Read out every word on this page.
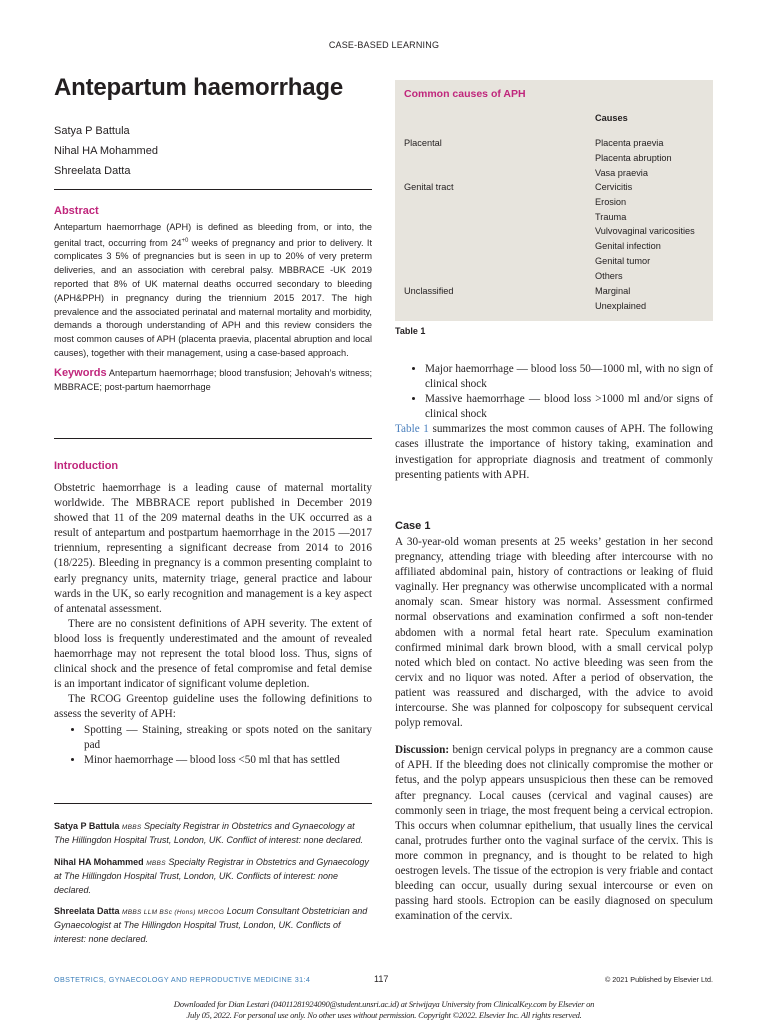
CASE-BASED LEARNING
Antepartum haemorrhage
Satya P Battula
Nihal HA Mohammed
Shreelata Datta
Abstract

Antepartum haemorrhage (APH) is defined as bleeding from, or into, the genital tract, occurring from $24^{+0}$ weeks of pregnancy and prior to delivery. It complicates 3 5% of pregnancies but is seen in up to 20% of very preterm deliveries, and an association with cerebral palsy. MBBRACE -UK 2019 reported that 8% of UK maternal deaths occurred secondary to bleeding (APH&PPH) in pregnancy during the triennium 2015 2017. The high prevalence and the associated perinatal and maternal mortality and morbidity, demands a thorough understanding of APH and this review considers the most common causes of APH (placenta praevia, placental abruption and local causes), together with their management, using a case-based approach.

Keywords Antepartum haemorrhage; blood transfusion; Jehovah’s witness; MBBRACE; post-partum haemorrhage

Introduction

Obstetric haemorrhage is a leading cause of maternal mortality worldwide. The MBBRACE report published in December 2019 showed that 11 of the 209 maternal deaths in the UK occurred as a result of antepartum and postpartum haemorrhage in the 2015 —2017 triennium, representing a significant decrease from 2014 to 2016 (18/225). Bleeding in pregnancy is a common presenting complaint to early pregnancy units, maternity triage, general practice and labour wards in the UK, so early recognition and management is a key aspect of antenatal assessment.

There are no consistent definitions of APH severity. The extent of blood loss is frequently underestimated and the amount of revealed haemorrhage may not represent the total blood loss. Thus, signs of clinical shock and the presence of fetal compromise and fetal demise is an important indicator of significant volume depletion.

The RCOG Greentop guideline uses the following definitions to assess the severity of APH:

• Spotting — Staining, streaking or spots noted on the sanitary pad
• Minor haemorrhage — blood loss <50 ml that has settled

Satya P Battula MBBS Specialty Registrar in Obstetrics and Gynaecology at The Hillingdon Hospital Trust, London, UK. Conflict of interest: none declared.

Nihal HA Mohammed MBBS Specialty Registrar in Obstetrics and Gynaecology at The Hillingdon Hospital Trust, London, UK. Conflicts of interest: none declared.

Shreelata Datta MBBS LLM BSc (Hons) MRCOG Locum Consultant Obstetrician and Gynaecologist at The Hillingdon Hospital Trust, London, UK. Conflicts of interest: none declared.

Common causes of APH
Causes
Placental	Placenta praevia
Placenta abruption
Vasa praevia
Genital tract	Cervicitis
Erosion
Trauma
Vulvovaginal varicosities
Genital infection
Genital tumor
Others
Unclassified	Marginal
Unexplained
Table 1
• Major haemorrhage — blood loss 50—1000 ml, with no sign of clinical shock
• Massive haemorrhage — blood loss >1000 ml and/or signs of clinical shock

Table 1 summarizes the most common causes of APH. The following cases illustrate the importance of history taking, examination and investigation for appropriate diagnosis and treatment of commonly presenting patients with APH.

Case 1

A 30-year-old woman presents at 25 weeks’ gestation in her second pregnancy, attending triage with bleeding after intercourse with no affiliated abdominal pain, history of contractions or leaking of fluid vaginally. Her pregnancy was otherwise uncomplicated with a normal anomaly scan. Smear history was normal. Assessment confirmed normal observations and examination confirmed a soft non-tender abdomen with a normal fetal heart rate. Speculum examination confirmed minimal dark brown blood, with a small cervical polyp noted which bled on contact. No active bleeding was seen from the cervix and no liquor was noted. After a period of observation, the patient was reassured and discharged, with the advice to avoid intercourse. She was planned for colposcopy for subsequent cervical polyp removal.

Discussion: benign cervical polyps in pregnancy are a common cause of APH. If the bleeding does not clinically compromise the mother or fetus, and the polyp appears unsuspicious then these can be removed after pregnancy. Local causes (cervical and vaginal causes) are commonly seen in triage, the most frequent being a cervical ectropion. This occurs when columnar epithelium, that usually lines the cervical canal, protrudes further onto the vaginal surface of the cervix. This is more common in pregnancy, and is thought to be related to high oestrogen levels. The tissue of the ectropion is very friable and contact bleeding can occur, usually during sexual intercourse or even on passing hard stools. Ectropion can be easily diagnosed on speculum examination of the cervix.

OBSTETRICS, GYNAECOLOGY AND REPRODUCTIVE MEDICINE 31:4	117	© 2021 Published by Elsevier Ltd.
Downloaded for Dian Lestari (04011281924090@student.unsri.ac.id) at Sriwijaya University from ClinicalKey.com by Elsevier on
July 05, 2022. For personal use only. No other uses without permission. Copyright ©2022. Elsevier Inc. All rights reserved.
